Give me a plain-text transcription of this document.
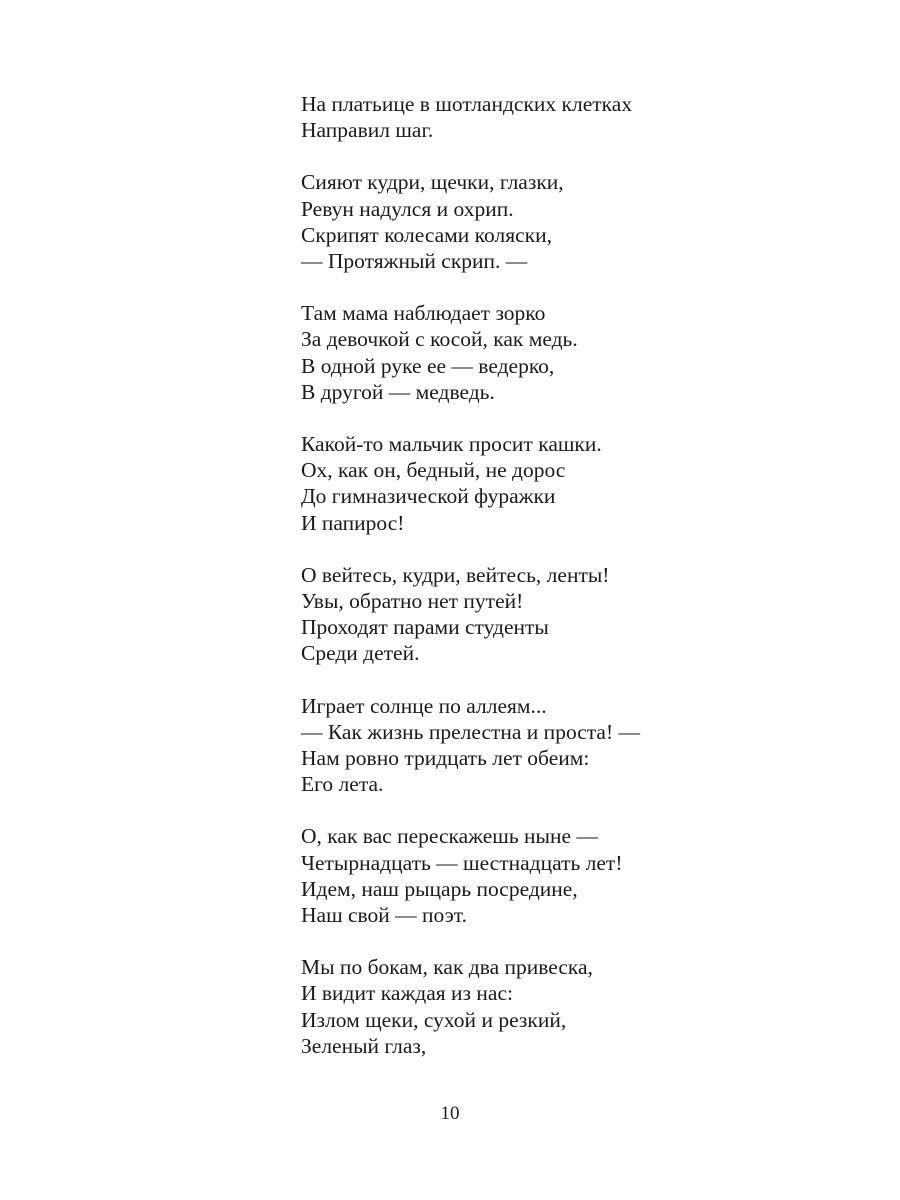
На платьице в шотландских клетках
Направил шаг.
Сияют кудри, щечки, глазки,
Ревун надулся и охрип.
Скрипят колесами коляски,
— Протяжный скрип. —
Там мама наблюдает зорко
За девочкой с косой, как медь.
В одной руке ее — ведерко,
В другой — медведь.
Какой-то мальчик просит кашки.
Ох, как он, бедный, не дорос
До гимназической фуражки
И папирос!
О вейтесь, кудри, вейтесь, ленты!
Увы, обратно нет путей!
Проходят парами студенты
Среди детей.
Играет солнце по аллеям...
— Как жизнь прелестна и проста! —
Нам ровно тридцать лет обеим:
Его лета.
О, как вас перескажешь ныне —
Четырнадцать — шестнадцать лет!
Идем, наш рыцарь посредине,
Наш свой — поэт.
Мы по бокам, как два привеска,
И видит каждая из нас:
Излом щеки, сухой и резкий,
Зеленый глаз,
10
